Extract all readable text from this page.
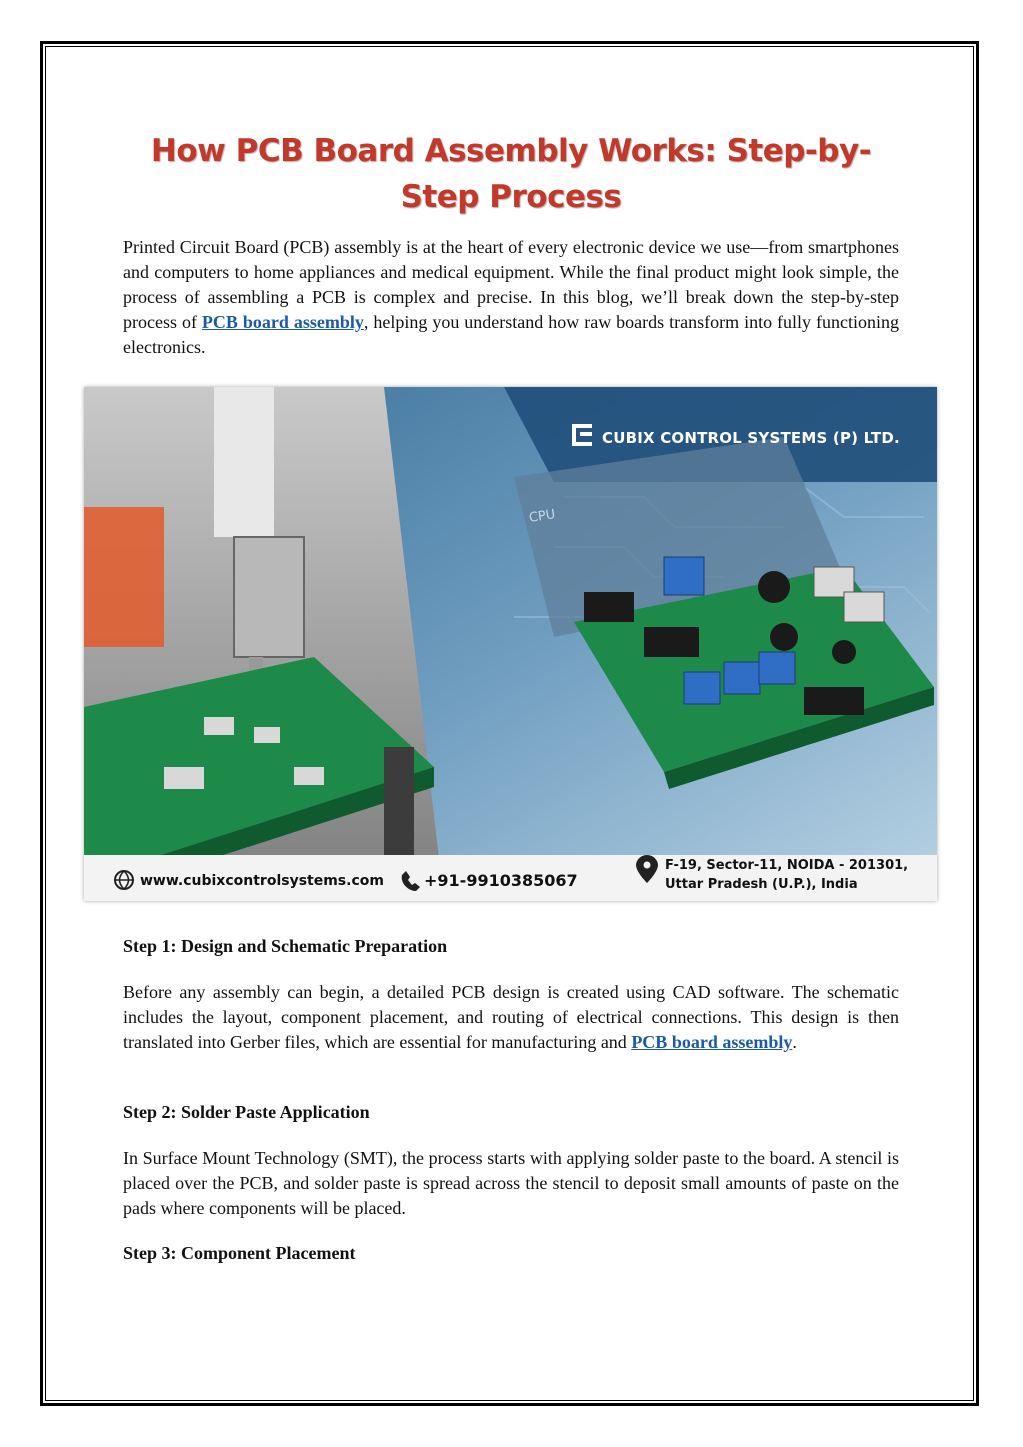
How PCB Board Assembly Works: Step-by-Step Process

Printed Circuit Board (PCB) assembly is at the heart of every electronic device we use—from smartphones and computers to home appliances and medical equipment. While the final product might look simple, the process of assembling a PCB is complex and precise. In this blog, we’ll break down the step-by-step process of PCB board assembly, helping you understand how raw boards transform into fully functioning electronics.

CUBIX CONTROL SYSTEMS (P) LTD.
www.cubixcontrolsystems.com	+91-9910385067
F-19, Sector-11, NOIDA - 201301,
Uttar Pradesh (U.P.), India
CPU
Step 1: Design and Schematic Preparation

Before any assembly can begin, a detailed PCB design is created using CAD software. The schematic includes the layout, component placement, and routing of electrical connections. This design is then translated into Gerber files, which are essential for manufacturing and PCB board assembly.

Step 2: Solder Paste Application

In Surface Mount Technology (SMT), the process starts with applying solder paste to the board. A stencil is placed over the PCB, and solder paste is spread across the stencil to deposit small amounts of paste on the pads where components will be placed.

Step 3: Component Placement
